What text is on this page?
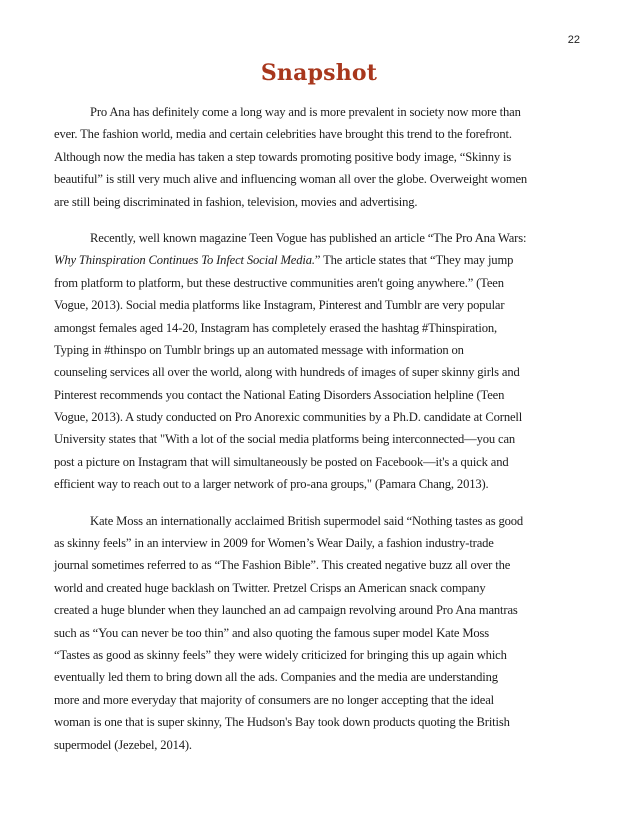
22
Snapshot
Pro Ana has definitely come a long way and is more prevalent in society now more than
ever. The fashion world, media and certain celebrities have brought this trend to the forefront.
Although now the media has taken a step towards promoting positive body image, “Skinny is
beautiful” is still very much alive and influencing woman all over the globe. Overweight women
are still being discriminated in fashion, television, movies and advertising.
Recently, well known magazine Teen Vogue has published an article “The Pro Ana Wars:
Why Thinspiration Continues To Infect Social Media.” The article states that “They may jump
from platform to platform, but these destructive communities aren't going anywhere.” (Teen
Vogue, 2013). Social media platforms like Instagram, Pinterest and Tumblr are very popular
amongst females aged 14-20, Instagram has completely erased the hashtag #Thinspiration,
Typing in #thinspo on Tumblr brings up an automated message with information on
counseling services all over the world, along with hundreds of images of super skinny girls and
Pinterest recommends you contact the National Eating Disorders Association helpline (Teen
Vogue, 2013). A study conducted on Pro Anorexic communities by a Ph.D. candidate at Cornell
University states that "With a lot of the social media platforms being interconnected—you can
post a picture on Instagram that will simultaneously be posted on Facebook—it's a quick and
efficient way to reach out to a larger network of pro-ana groups," (Pamara Chang, 2013).
Kate Moss an internationally acclaimed British supermodel said “Nothing tastes as good
as skinny feels” in an interview in 2009 for Women’s Wear Daily, a fashion industry-trade
journal sometimes referred to as “The Fashion Bible”. This created negative buzz all over the
world and created huge backlash on Twitter. Pretzel Crisps an American snack company
created a huge blunder when they launched an ad campaign revolving around Pro Ana mantras
such as “You can never be too thin” and also quoting the famous super model Kate Moss
“Tastes as good as skinny feels” they were widely criticized for bringing this up again which
eventually led them to bring down all the ads. Companies and the media are understanding
more and more everyday that majority of consumers are no longer accepting that the ideal
woman is one that is super skinny, The Hudson's Bay took down products quoting the British
supermodel (Jezebel, 2014).
